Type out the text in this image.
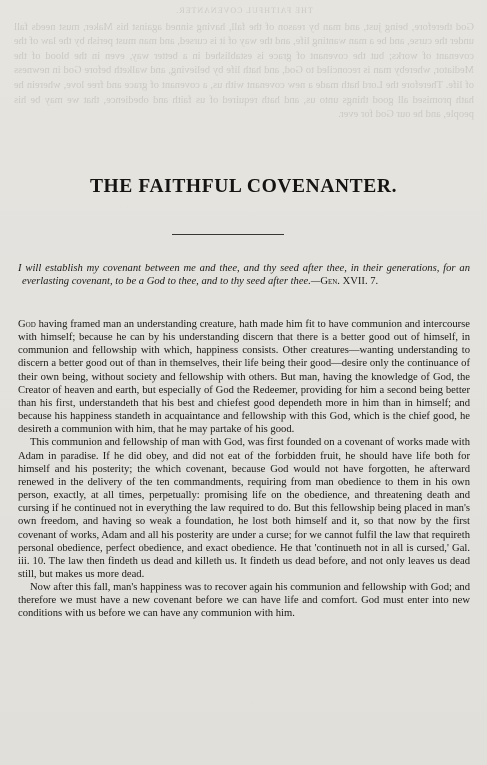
THE FAITHFUL COVENANTER.
God therefore, being just, and man by reason of the fall, having sinned against his Maker, must needs fall under the curse, and be a man wanting life, and the way of it is cursed, and man must perish by the law of the covenant of works; but the covenant of grace is established in a better way, even in the blood of the Mediator, whereby man is reconciled to God, and hath life by believing, and walketh before God in newness of life. Therefore the Lord hath made a new covenant with us, a covenant of grace and free love, wherein he hath promised all good things unto us, and hath required of us faith and obedience, that we may be his people, and he our God for ever.
THE FAITHFUL COVENANTER.
I will establish my covenant between me and thee, and thy seed after thee, in their generations, for an everlasting covenant, to be a God to thee, and to thy seed after thee.—Gen. XVII. 7.

God having framed man an understanding creature, hath made him fit to have communion and intercourse with himself; because he can by his understanding discern that there is a better good out of himself, in communion and fellowship with which, happiness consists. Other creatures—wanting understanding to discern a better good out of than in themselves, their life being their good—desire only the continuance of their own being, without society and fellowship with others. But man, having the knowledge of God, the Creator of heaven and earth, but especially of God the Redeemer, providing for him a second being better than his first, understandeth that his best and chiefest good dependeth more in him than in himself; and because his happiness standeth in acquaintance and fellowship with this God, which is the chief good, he desireth a communion with him, that he may partake of his good.

This communion and fellowship of man with God, was first founded on a covenant of works made with Adam in paradise. If he did obey, and did not eat of the forbidden fruit, he should have life both for himself and his posterity; the which covenant, because God would not have forgotten, he afterward renewed in the delivery of the ten commandments, requiring from man obedience to them in his own person, exactly, at all times, perpetually: promising life on the obedience, and threatening death and cursing if he continued not in everything the law required to do. But this fellowship being placed in man's own freedom, and having so weak a foundation, he lost both himself and it, so that now by the first covenant of works, Adam and all his posterity are under a curse; for we cannot fulfil the law that requireth personal obedience, perfect obedience, and exact obedience. He that 'continueth not in all is cursed,' Gal. iii. 10. The law then findeth us dead and killeth us. It findeth us dead before, and not only leaves us dead still, but makes us more dead.

Now after this fall, man's happiness was to recover again his communion and fellowship with God; and therefore we must have a new covenant before we can have life and comfort. God must enter into new conditions with us before we can have any communion with him.
